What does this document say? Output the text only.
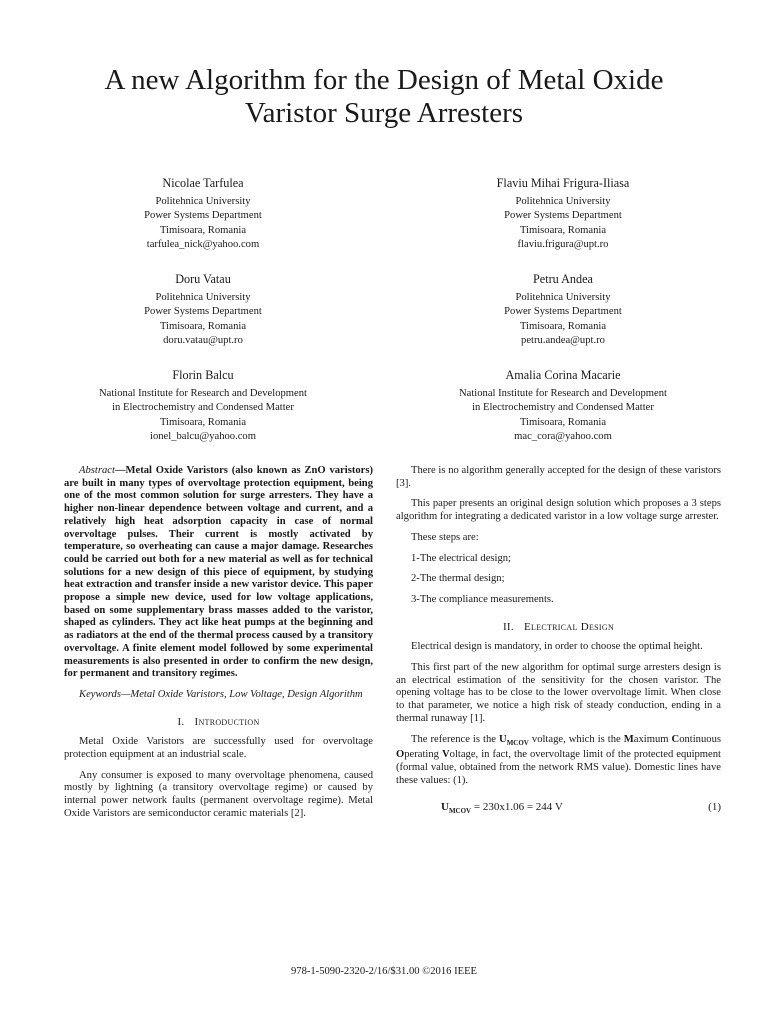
A new Algorithm for the Design of Metal Oxide
Varistor Surge Arresters
Nicolae Tarfulea
Politehnica University
Power Systems Department
Timisoara, Romania
tarfulea_nick@yahoo.com
Flaviu Mihai Frigura-Iliasa
Politehnica University
Power Systems Department
Timisoara, Romania
flaviu.frigura@upt.ro
Doru Vatau
Politehnica University
Power Systems Department
Timisoara, Romania
doru.vatau@upt.ro
Petru Andea
Politehnica University
Power Systems Department
Timisoara, Romania
petru.andea@upt.ro
Florin Balcu
National Institute for Research and Development
in Electrochemistry and Condensed Matter
Timisoara, Romania
ionel_balcu@yahoo.com
Amalia Corina Macarie
National Institute for Research and Development
in Electrochemistry and Condensed Matter
Timisoara, Romania
mac_cora@yahoo.com

Abstract—Metal Oxide Varistors (also known as ZnO varistors) are built in many types of overvoltage protection equipment, being one of the most common solution for surge arresters. They have a higher non-linear dependence between voltage and current, and a relatively high heat adsorption capacity in case of normal overvoltage pulses. Their current is mostly activated by temperature, so overheating can cause a major damage. Researches could be carried out both for a new material as well as for technical solutions for a new design of this piece of equipment, by studying heat extraction and transfer inside a new varistor device. This paper propose a simple new device, used for low voltage applications, based on some supplementary brass masses added to the varistor, shaped as cylinders. They act like heat pumps at the beginning and as radiators at the end of the thermal process caused by a transitory overvoltage. A finite element model followed by some experimental measurements is also presented in order to confirm the new design, for permanent and transitory regimes.

Keywords—Metal Oxide Varistors, Low Voltage, Design Algorithm

I. Introduction

Metal Oxide Varistors are successfully used for overvoltage protection equipment at an industrial scale.

Any consumer is exposed to many overvoltage phenomena, caused mostly by lightning (a transitory overvoltage regime) or caused by internal power network faults (permanent overvoltage regime). Metal Oxide Varistors are semiconductor ceramic materials [2].

There is no algorithm generally accepted for the design of these varistors [3].

This paper presents an original design solution which proposes a 3 steps algorithm for integrating a dedicated varistor in a low voltage surge arrester.

These steps are:

1-The electrical design;

2-The thermal design;

3-The compliance measurements.

II. Electrical Design

Electrical design is mandatory, in order to choose the optimal height.

This first part of the new algorithm for optimal surge arresters design is an electrical estimation of the sensitivity for the chosen varistor. The opening voltage has to be close to the lower overvoltage limit. When close to that parameter, we notice a high risk of steady conduction, ending in a thermal runaway [1].

The reference is the $U_{MCOV}$ voltage, which is the Maximum Continuous Operating Voltage, in fact, the overvoltage limit of the protected equipment (formal value, obtained from the network RMS value). Domestic lines have these values: (1).

$U_{MCOV} = 230x1.06 = 244$ V	(1)
978-1-5090-2320-2/16/$31.00 ©2016 IEEE
